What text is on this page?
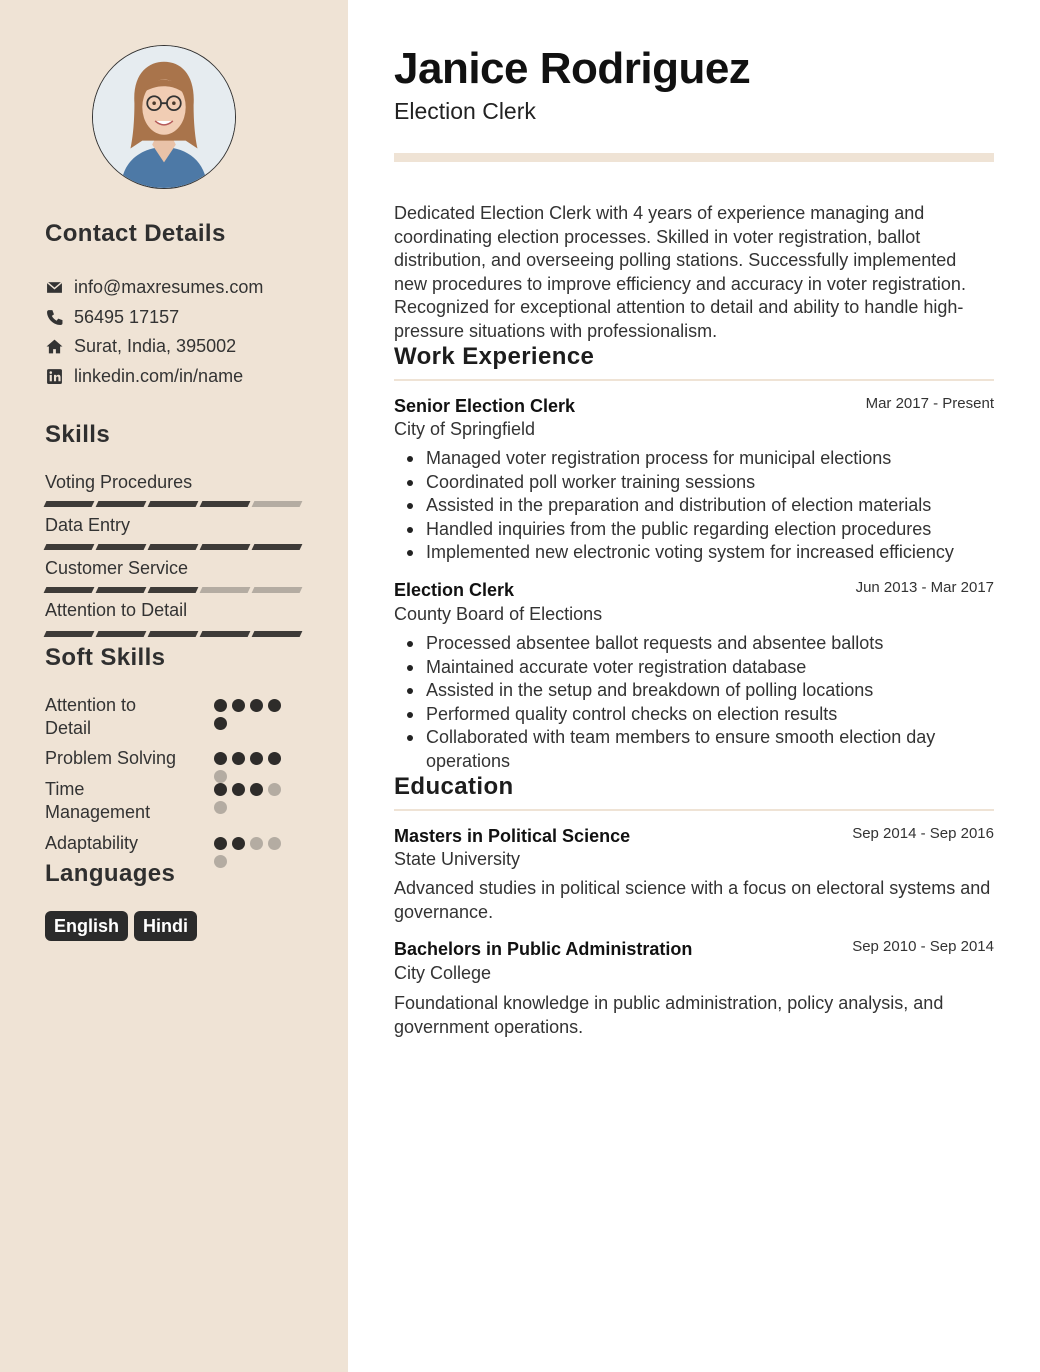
Contact Details
info@maxresumes.com
56495 17157
Surat, India, 395002
linkedin.com/in/name
Skills
Voting Procedures
Data Entry
Customer Service
Attention to Detail
Soft Skills
Attention to Detail
Problem Solving
Time Management
Adaptability
Languages
English	Hindi
Janice Rodriguez
Election Clerk

Dedicated Election Clerk with 4 years of experience managing and coordinating election processes. Skilled in voter registration, ballot distribution, and overseeing polling stations. Successfully implemented new procedures to improve efficiency and accuracy in voter registration. Recognized for exceptional attention to detail and ability to handle high-pressure situations with professionalism.

Work Experience
Senior Election Clerk	Mar 2017 - Present
City of Springfield
Managed voter registration process for municipal elections
Coordinated poll worker training sessions
Assisted in the preparation and distribution of election materials
Handled inquiries from the public regarding election procedures
Implemented new electronic voting system for increased efficiency
Election Clerk	Jun 2013 - Mar 2017
County Board of Elections
Processed absentee ballot requests and absentee ballots
Maintained accurate voter registration database
Assisted in the setup and breakdown of polling locations
Performed quality control checks on election results
Collaborated with team members to ensure smooth election day operations
Education
Masters in Political Science	Sep 2014 - Sep 2016
State University

Advanced studies in political science with a focus on electoral systems and governance.

Bachelors in Public Administration	Sep 2010 - Sep 2014
City College

Foundational knowledge in public administration, policy analysis, and government operations.
